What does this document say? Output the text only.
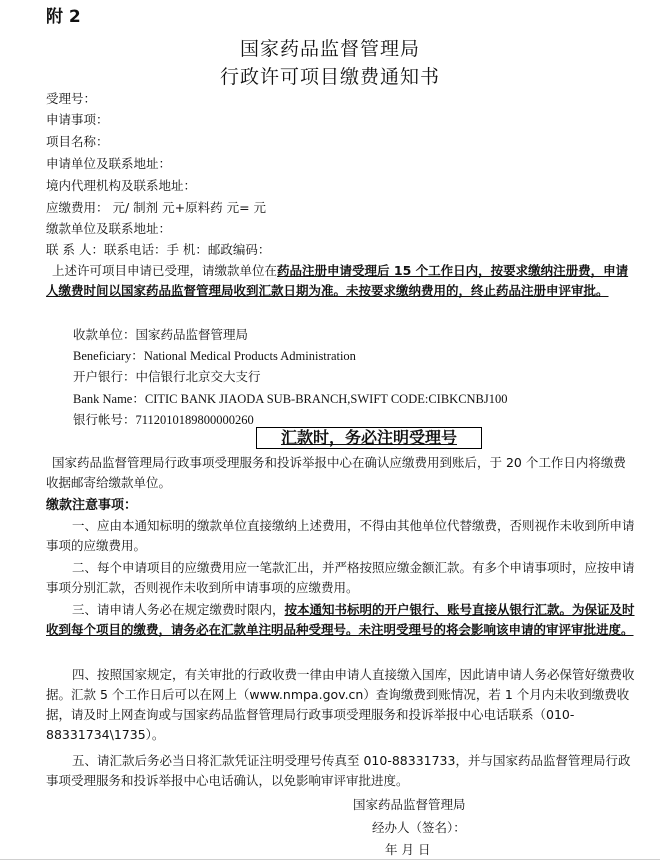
附 2
国家药品监督管理局
行政许可项目缴费通知书
受理号：
申请事项：
项目名称：
申请单位及联系地址：
境内代理机构及联系地址：
应缴费用： 元/ 制剂 元+原料药 元= 元
缴款单位及联系地址：
联 系 人：联系电话：手 机：邮政编码：
上述许可项目申请已受理，请缴款单位在药品注册申请受理后 15 个工作日内，按要求缴纳注册费，申请人缴费时间以国家药品监督管理局收到汇款日期为准。未按要求缴纳费用的，终止药品注册申评审批。
收款单位：国家药品监督管理局
Beneficiary：National Medical Products Administration
开户银行：中信银行北京交大支行
Bank Name：CITIC BANK JIAODA SUB-BRANCH,SWIFT CODE:CIBKCNBJ100
银行帐号：7112010189800000260
汇款时，务必注明受理号
国家药品监督管理局行政事项受理服务和投诉举报中心在确认应缴费用到账后，于 20 个工作日内将缴费收据邮寄给缴款单位。
缴款注意事项：
一、应由本通知标明的缴款单位直接缴纳上述费用，不得由其他单位代替缴费，否则视作未收到所申请事项的应缴费用。
二、每个申请项目的应缴费用应一笔款汇出，并严格按照应缴金额汇款。有多个申请事项时，应按申请事项分别汇款，否则视作未收到所申请事项的应缴费用。
三、请申请人务必在规定缴费时限内，按本通知书标明的开户银行、账号直接从银行汇款。为保证及时收到每个项目的缴费，请务必在汇款单注明品种受理号。未注明受理号的将会影响该申请的审评审批进度。
四、按照国家规定，有关审批的行政收费一律由申请人直接缴入国库，因此请申请人务必保管好缴费收据。汇款 5 个工作日后可以在网上（www.nmpa.gov.cn）查询缴费到账情况，若 1 个月内未收到缴费收据，请及时上网查询或与国家药品监督管理局行政事项受理服务和投诉举报中心电话联系（010-88331734\1735）。
五、请汇款后务必当日将汇款凭证注明受理号传真至 010-88331733，并与国家药品监督管理局行政事项受理服务和投诉举报中心电话确认，以免影响审评审批进度。
国家药品监督管理局
经办人（签名）：
年 月 日
